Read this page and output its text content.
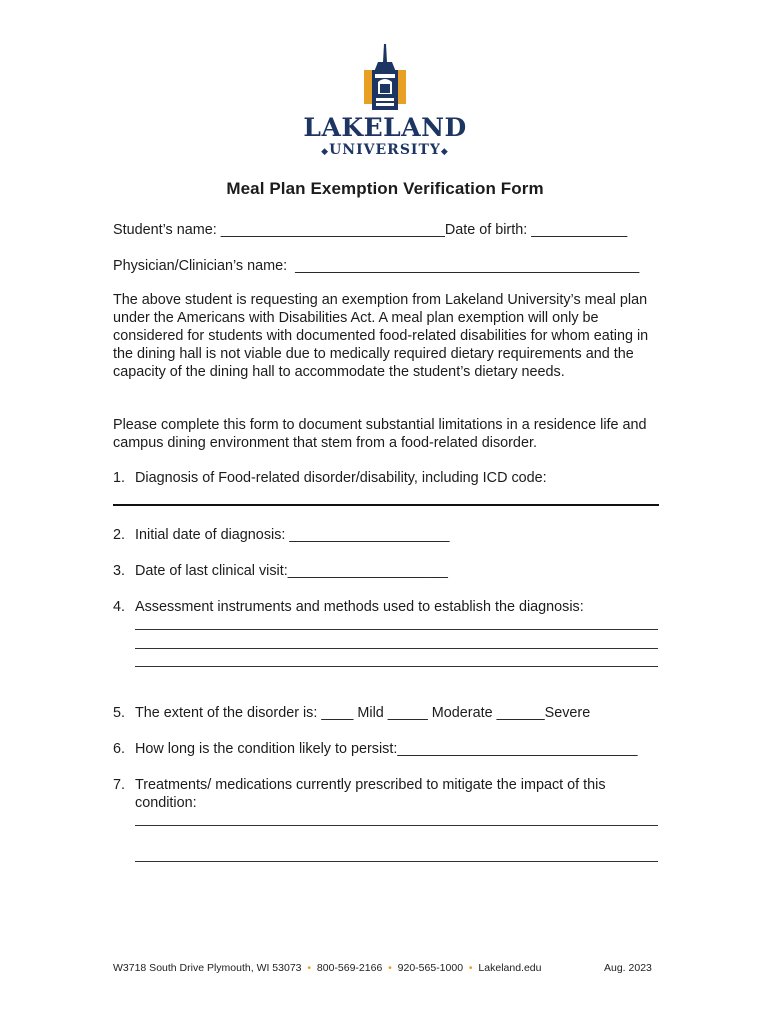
LAKELAND
◆UNIVERSITY◆
Meal Plan Exemption Verification Form
Student’s name: ____________________________Date of birth: ____________
Physician/Clinician’s name:  ___________________________________________
The above student is requesting an exemption from Lakeland University’s meal plan under the Americans with Disabilities Act. A meal plan exemption will only be considered for students with documented food-related disabilities for whom eating in the dining hall is not viable due to medically required dietary requirements and the capacity of the dining hall to accommodate the student’s dietary needs.
Please complete this form to document substantial limitations in a residence life and campus dining environment that stem from a food-related disorder.
1. Diagnosis of Food-related disorder/disability, including ICD code:
2. Initial date of diagnosis: ____________________
3. Date of last clinical visit:____________________
4. Assessment instruments and methods used to establish the diagnosis:
5. The extent of the disorder is: ____ Mild _____ Moderate ______Severe
6. How long is the condition likely to persist:______________________________
7. Treatments/ medications currently prescribed to mitigate the impact of this
condition:
W3718 South Drive Plymouth, WI 53073 • 800-569-2166 • 920-565-1000 • Lakeland.edu	Aug. 2023
